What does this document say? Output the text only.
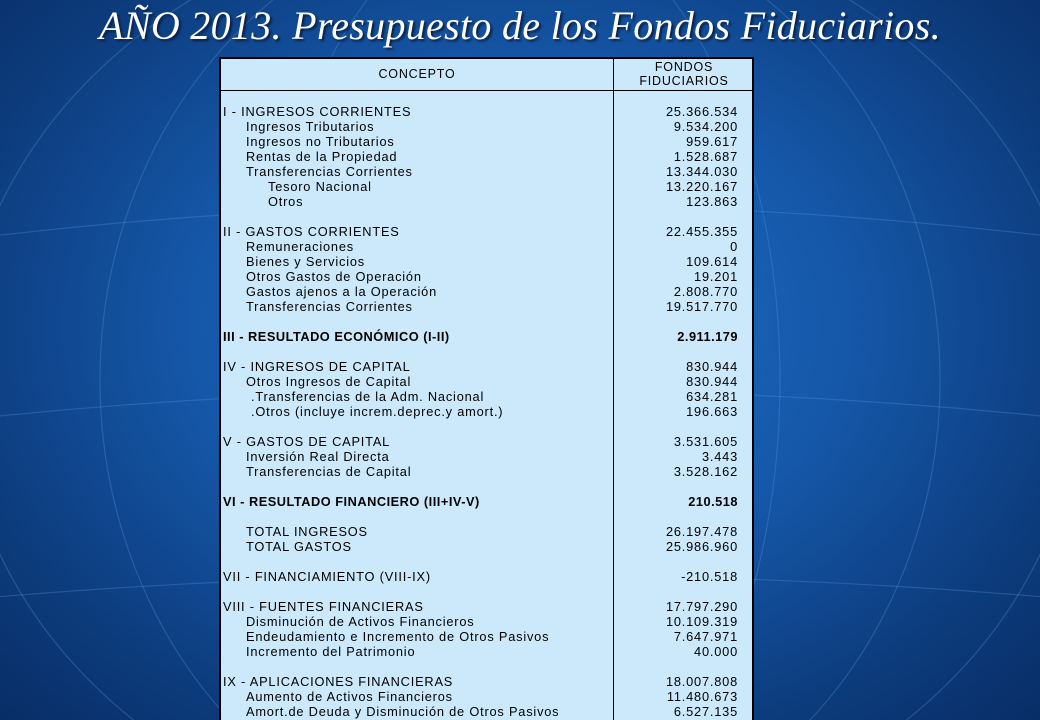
AÑO 2013. Presupuesto de los Fondos Fiduciarios.
CONCEPTO	FONDOS
FIDUCIARIOS
I - INGRESOS CORRIENTES	25.366.534
Ingresos Tributarios	9.534.200
Ingresos no Tributarios	959.617
Rentas de la Propiedad	1.528.687
Transferencias Corrientes	13.344.030
Tesoro Nacional	13.220.167
Otros	123.863
II - GASTOS CORRIENTES	22.455.355
Remuneraciones	0
Bienes y Servicios	109.614
Otros Gastos de Operación	19.201
Gastos ajenos a la Operación	2.808.770
Transferencias Corrientes	19.517.770
III - RESULTADO ECONÓMICO (I-II)	2.911.179
IV - INGRESOS DE CAPITAL	830.944
Otros Ingresos de Capital	830.944
.Transferencias de la Adm. Nacional	634.281
.Otros (incluye increm.deprec.y amort.)	196.663
V - GASTOS DE CAPITAL	3.531.605
Inversión Real Directa	3.443
Transferencias de Capital	3.528.162
VI - RESULTADO FINANCIERO (III+IV-V)	210.518
TOTAL INGRESOS	26.197.478
TOTAL GASTOS	25.986.960
VII - FINANCIAMIENTO (VIII-IX)	-210.518
VIII - FUENTES FINANCIERAS	17.797.290
Disminución de Activos Financieros	10.109.319
Endeudamiento e Incremento de Otros Pasivos	7.647.971
Incremento del Patrimonio	40.000
IX - APLICACIONES FINANCIERAS	18.007.808
Aumento de Activos Financieros	11.480.673
Amort.de Deuda y Disminución de Otros Pasivos	6.527.135
